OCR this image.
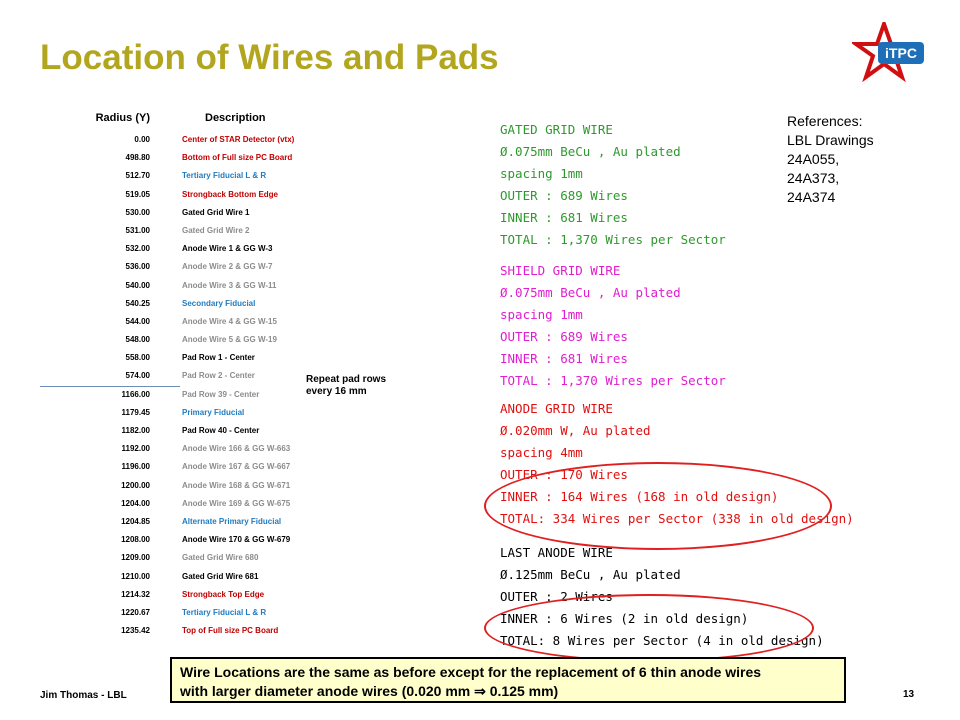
Location of Wires and Pads	iTPC
Radius (Y)	Description
0.00	Center of STAR Detector (vtx)
498.80	Bottom of Full size PC Board
512.70	Tertiary Fiducial L & R
519.05	Strongback Bottom Edge
530.00	Gated Grid Wire 1
531.00	Gated Grid Wire 2
532.00	Anode Wire 1 & GG W-3
536.00	Anode Wire 2 & GG W-7
540.00	Anode Wire 3 & GG W-11
540.25	Secondary Fiducial
544.00	Anode Wire 4 & GG W-15
548.00	Anode Wire 5 & GG W-19
558.00	Pad Row 1 - Center
574.00	Pad Row 2 - Center
1166.00	Pad Row 39 - Center
1179.45	Primary Fiducial
1182.00	Pad Row 40 - Center
1192.00	Anode Wire 166 & GG W-663
1196.00	Anode Wire 167 & GG W-667
1200.00	Anode Wire 168 & GG W-671
1204.00	Anode Wire 169 & GG W-675
1204.85	Alternate Primary Fiducial
1208.00	Anode Wire 170 & GG W-679
1209.00	Gated Grid Wire 680
1210.00	Gated Grid Wire 681
1214.32	Strongback Top Edge
1220.67	Tertiary Fiducial L & R
1235.42	Top of Full size PC Board
Repeat pad rows
every 16 mm
References:
LBL Drawings
24A055,
24A373,
24A374
GATED GRID WIRE
Ø.075mm BeCu , Au plated
spacing 1mm
OUTER : 689 Wires
INNER : 681 Wires
TOTAL : 1,370 Wires per Sector
SHIELD GRID WIRE
Ø.075mm BeCu , Au plated
spacing 1mm
OUTER : 689 Wires
INNER : 681 Wires
TOTAL : 1,370 Wires per Sector
ANODE GRID WIRE
Ø.020mm W, Au plated
spacing 4mm
OUTER : 170 Wires
INNER : 164 Wires (168 in old design)
TOTAL: 334 Wires per Sector (338 in old design)
LAST ANODE WIRE
Ø.125mm BeCu , Au plated
OUTER : 2 Wires
INNER : 6 Wires (2 in old design)
TOTAL: 8 Wires per Sector (4 in old design)
Wire Locations are the same as before except for the replacement of 6 thin anode wires
with larger diameter anode wires (0.020 mm ⇒ 0.125 mm)
Jim Thomas - LBL	13
